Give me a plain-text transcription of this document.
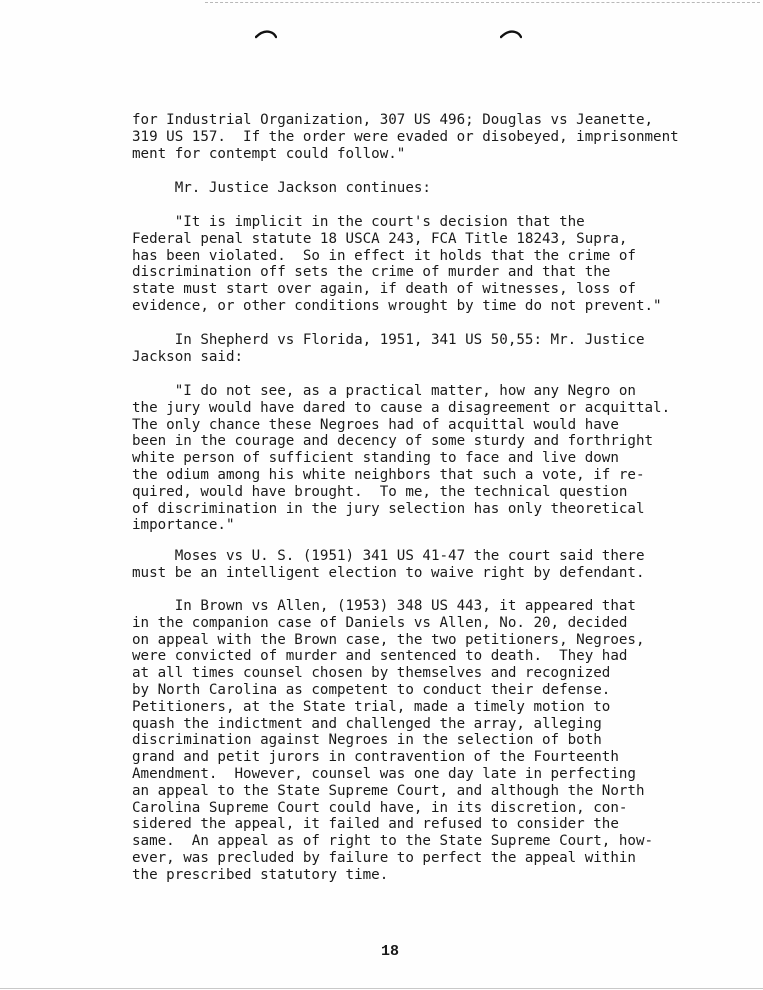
for Industrial Organization, 307 US 496; Douglas vs Jeanette,
319 US 157.  If the order were evaded or disobeyed, imprisonment
ment for contempt could follow."
Mr. Justice Jackson continues:
"It is implicit in the court's decision that the
Federal penal statute 18 USCA 243, FCA Title 18243, Supra,
has been violated.  So in effect it holds that the crime of
discrimination off sets the crime of murder and that the
state must start over again, if death of witnesses, loss of
evidence, or other conditions wrought by time do not prevent."
In Shepherd vs Florida, 1951, 341 US 50,55: Mr. Justice
Jackson said:
"I do not see, as a practical matter, how any Negro on
the jury would have dared to cause a disagreement or acquittal.
The only chance these Negroes had of acquittal would have
been in the courage and decency of some sturdy and forthright
white person of sufficient standing to face and live down
the odium among his white neighbors that such a vote, if re-
quired, would have brought.  To me, the technical question
of discrimination in the jury selection has only theoretical
importance."
Moses vs U. S. (1951) 341 US 41-47 the court said there
must be an intelligent election to waive right by defendant.
In Brown vs Allen, (1953) 348 US 443, it appeared that
in the companion case of Daniels vs Allen, No. 20, decided
on appeal with the Brown case, the two petitioners, Negroes,
were convicted of murder and sentenced to death.  They had
at all times counsel chosen by themselves and recognized
by North Carolina as competent to conduct their defense.
Petitioners, at the State trial, made a timely motion to
quash the indictment and challenged the array, alleging
discrimination against Negroes in the selection of both
grand and petit jurors in contravention of the Fourteenth
Amendment.  However, counsel was one day late in perfecting
an appeal to the State Supreme Court, and although the North
Carolina Supreme Court could have, in its discretion, con-
sidered the appeal, it failed and refused to consider the
same.  An appeal as of right to the State Supreme Court, how-
ever, was precluded by failure to perfect the appeal within
the prescribed statutory time.
18
